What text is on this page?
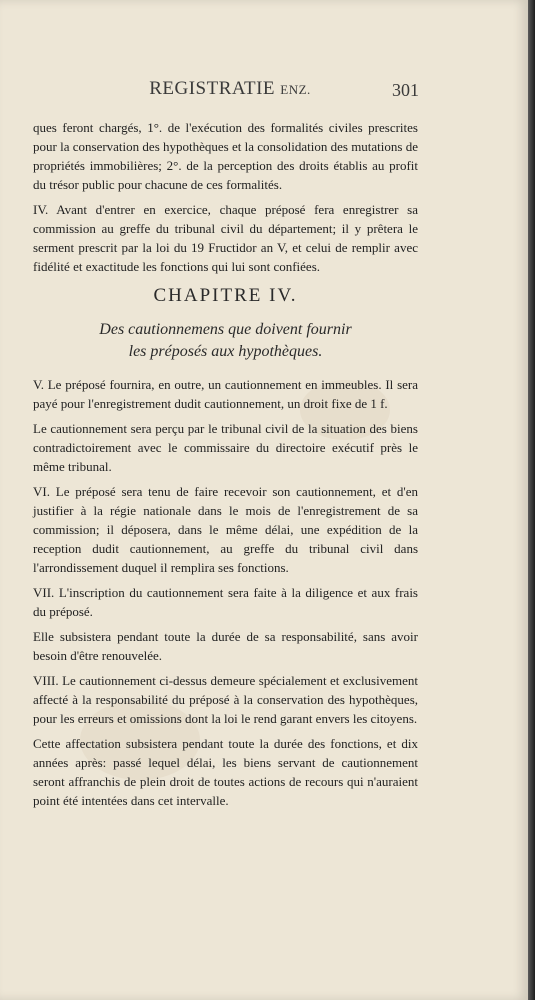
REGISTRATIE ENZ.	301

ques feront chargés, 1°. de l'exécution des formalités civiles prescrites pour la conservation des hypothèques et la consolidation des mutations de propriétés immobilières; 2°. de la perception des droits établis au profit du trésor public pour chacune de ces formalités.

IV. Avant d'entrer en exercice, chaque préposé fera enregistrer sa commission au greffe du tribunal civil du département; il y prêtera le serment prescrit par la loi du 19 Fructidor an V, et celui de remplir avec fidélité et exactitude les fonctions qui lui sont confiées.

CHAPITRE IV.
Des cautionnemens que doivent fournir
les préposés aux hypothèques.

V. Le préposé fournira, en outre, un cautionnement en immeubles. Il sera payé pour l'enregistrement dudit cautionnement, un droit fixe de 1 f.

Le cautionnement sera perçu par le tribunal civil de la situation des biens contradictoirement avec le commissaire du directoire exécutif près le même tribunal.

VI. Le préposé sera tenu de faire recevoir son cautionnement, et d'en justifier à la régie nationale dans le mois de l'enregistrement de sa commission; il déposera, dans le même délai, une expédition de la reception dudit cautionnement, au greffe du tribunal civil dans l'arrondissement duquel il remplira ses fonctions.

VII. L'inscription du cautionnement sera faite à la diligence et aux frais du préposé.

Elle subsistera pendant toute la durée de sa responsabilité, sans avoir besoin d'être renouvelée.

VIII. Le cautionnement ci-dessus demeure spécialement et exclusivement affecté à la responsabilité du préposé à la conservation des hypothèques, pour les erreurs et omissions dont la loi le rend garant envers les citoyens.

Cette affectation subsistera pendant toute la durée des fonctions, et dix années après: passé lequel délai, les biens servant de cautionnement seront affranchis de plein droit de toutes actions de recours qui n'auraient point été intentées dans cet intervalle.
